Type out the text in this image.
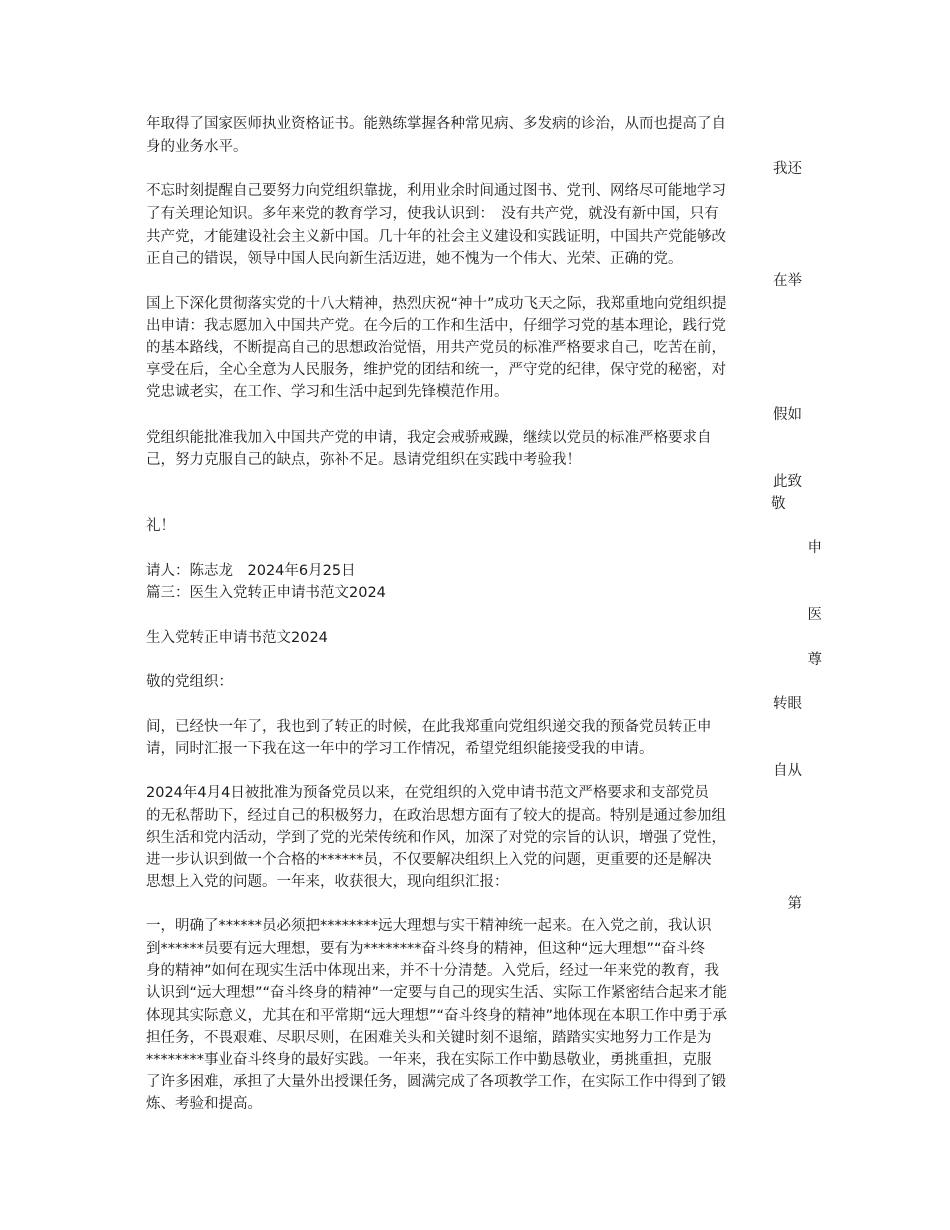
年取得了国家医师执业资格证书。能熟练掌握各种常见病、多发病的诊治，从而也提高了自
身的业务水平。
我还
不忘时刻提醒自己要努力向党组织靠拢，利用业余时间通过图书、党刊、网络尽可能地学习
了有关理论知识。多年来党的教育学习，使我认识到：　没有共产党，就没有新中国，只有
共产党，才能建设社会主义新中国。几十年的社会主义建设和实践证明，中国共产党能够改
正自己的错误，领导中国人民向新生活迈进，她不愧为一个伟大、光荣、正确的党。
在举
国上下深化贯彻落实党的十八大精神，热烈庆祝“神十”成功飞天之际，我郑重地向党组织提
出申请：我志愿加入中国共产党。在今后的工作和生活中，仔细学习党的基本理论，践行党
的基本路线，不断提高自己的思想政治觉悟，用共产党员的标准严格要求自己，吃苦在前，
享受在后，全心全意为人民服务，维护党的团结和统一，严守党的纪律，保守党的秘密，对
党忠诚老实，在工作、学习和生活中起到先锋模范作用。
假如
党组织能批准我加入中国共产党的申请，我定会戒骄戒躁，继续以党员的标准严格要求自
己，努力克服自己的缺点，弥补不足。恳请党组织在实践中考验我！
此致
敬
礼！
申
请人：陈志龙　2024年6月25日
篇三：医生入党转正申请书范文2024
医
生入党转正申请书范文2024
尊
敬的党组织：
转眼
间，已经快一年了，我也到了转正的时候，在此我郑重向党组织递交我的预备党员转正申
请，同时汇报一下我在这一年中的学习工作情况，希望党组织能接受我的申请。
自从
2024年4月4日被批准为预备党员以来，在党组织的入党申请书范文严格要求和支部党员
的无私帮助下，经过自己的积极努力，在政治思想方面有了较大的提高。特别是通过参加组
织生活和党内活动，学到了党的光荣传统和作风，加深了对党的宗旨的认识，增强了党性，
进一步认识到做一个合格的******员，不仅要解决组织上入党的问题，更重要的还是解决
思想上入党的问题。一年来，收获很大，现向组织汇报：
第
一，明确了******员必须把********远大理想与实干精神统一起来。在入党之前，我认识
到******员要有远大理想，要有为********奋斗终身的精神，但这种“远大理想”“奋斗终
身的精神”如何在现实生活中体现出来，并不十分清楚。入党后，经过一年来党的教育，我
认识到“远大理想”“奋斗终身的精神”一定要与自己的现实生活、实际工作紧密结合起来才能
体现其实际意义，尤其在和平常期“远大理想”“奋斗终身的精神”地体现在本职工作中勇于承
担任务，不畏艰难、尽职尽则，在困难关头和关键时刻不退缩，踏踏实实地努力工作是为
********事业奋斗终身的最好实践。一年来，我在实际工作中勤恳敬业，勇挑重担，克服
了许多困难，承担了大量外出授课任务，圆满完成了各项教学工作，在实际工作中得到了锻
炼、考验和提高。
